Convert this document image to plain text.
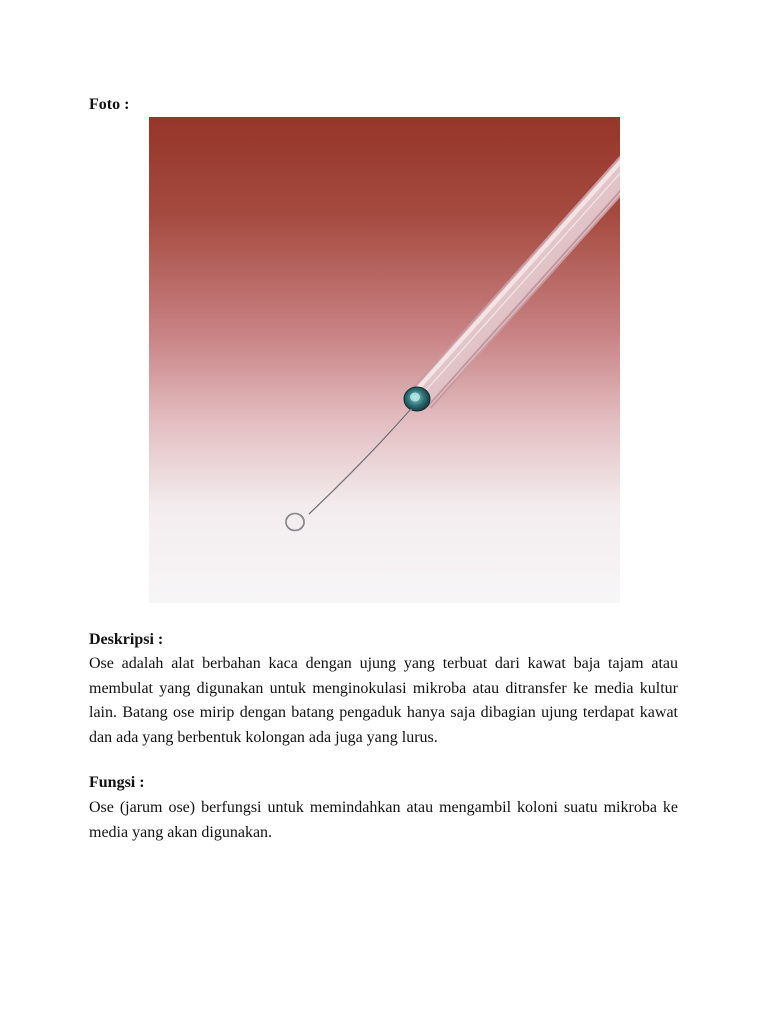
Foto :

Deskripsi :

Ose adalah alat berbahan kaca dengan ujung yang terbuat dari kawat baja tajam atau membulat yang digunakan untuk menginokulasi mikroba atau ditransfer ke media kultur lain. Batang ose mirip dengan batang pengaduk hanya saja dibagian ujung terdapat kawat dan ada yang berbentuk kolongan ada juga yang lurus.

Fungsi :

Ose (jarum ose) berfungsi untuk memindahkan atau mengambil koloni suatu mikroba ke media yang akan digunakan.
